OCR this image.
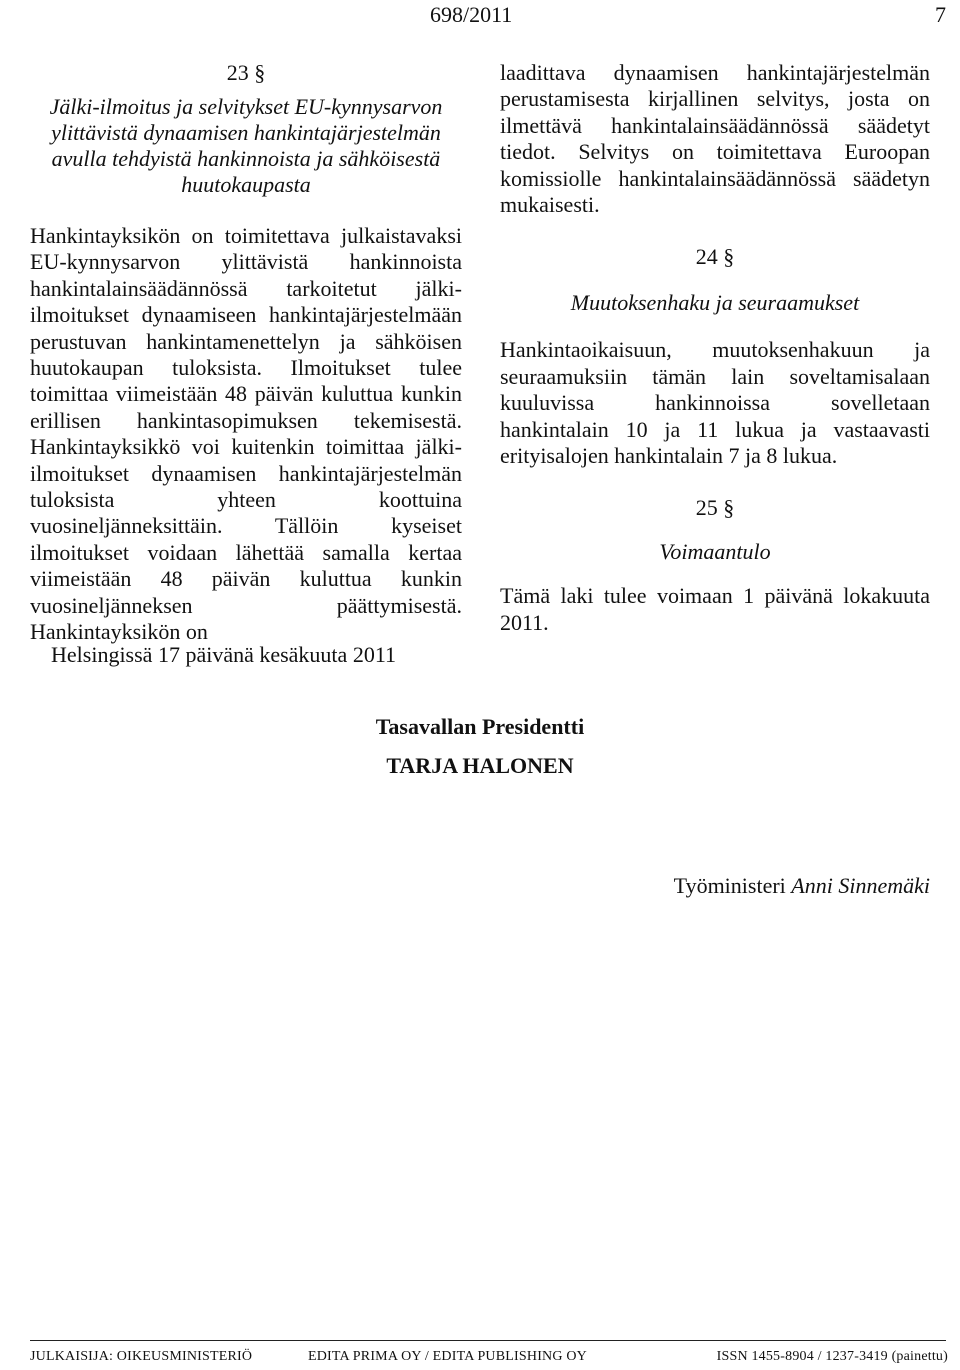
698/2011	7
23 §
Jälki-ilmoitus ja selvitykset EU-kynnysarvon ylittävistä dynaamisen hankintajärjestelmän avulla tehdyistä hankinnoista ja sähköisestä huutokaupasta

Hankintayksikön on toimitettava julkaistavaksi EU-kynnysarvon ylittävistä hankinnoista hankintalainsäädännössä tarkoitetut jälki-ilmoitukset dynaamiseen hankintajärjestelmään perustuvan hankintamenettelyn ja sähköisen huutokaupan tuloksista. Ilmoitukset tulee toimittaa viimeistään 48 päivän kuluttua kunkin erillisen hankintasopimuksen tekemisestä. Hankintayksikkö voi kuitenkin toimittaa jälki-ilmoitukset dynaamisen hankintajärjestelmän tuloksista yhteen koottuina vuosineljänneksittäin. Tällöin kyseiset ilmoitukset voidaan lähettää samalla kertaa viimeistään 48 päivän kuluttua kunkin vuosineljänneksen päättymisestä. Hankintayksikön on

laadittava dynaamisen hankintajärjestelmän perustamisesta kirjallinen selvitys, josta on ilmettävä hankintalainsäädännössä säädetyt tiedot. Selvitys on toimitettava Euroopan komissiolle hankintalainsäädännössä säädetyn mukaisesti.

24 §
Muutoksenhaku ja seuraamukset

Hankintaoikaisuun, muutoksenhakuun ja seuraamuksiin tämän lain soveltamisalaan kuuluvissa hankinnoissa sovelletaan hankintalain 10 ja 11 lukua ja vastaavasti erityisalojen hankintalain 7 ja 8 lukua.

25 §
Voimaantulo

Tämä laki tulee voimaan 1 päivänä lokakuuta 2011.

Helsingissä 17 päivänä kesäkuuta 2011
Tasavallan Presidentti
TARJA HALONEN
Työministeri Anni Sinnemäki
JULKAISIJA: OIKEUSMINISTERIÖ	EDITA PRIMA OY / EDITA PUBLISHING OY	ISSN 1455-8904 / 1237-3419 (painettu)
